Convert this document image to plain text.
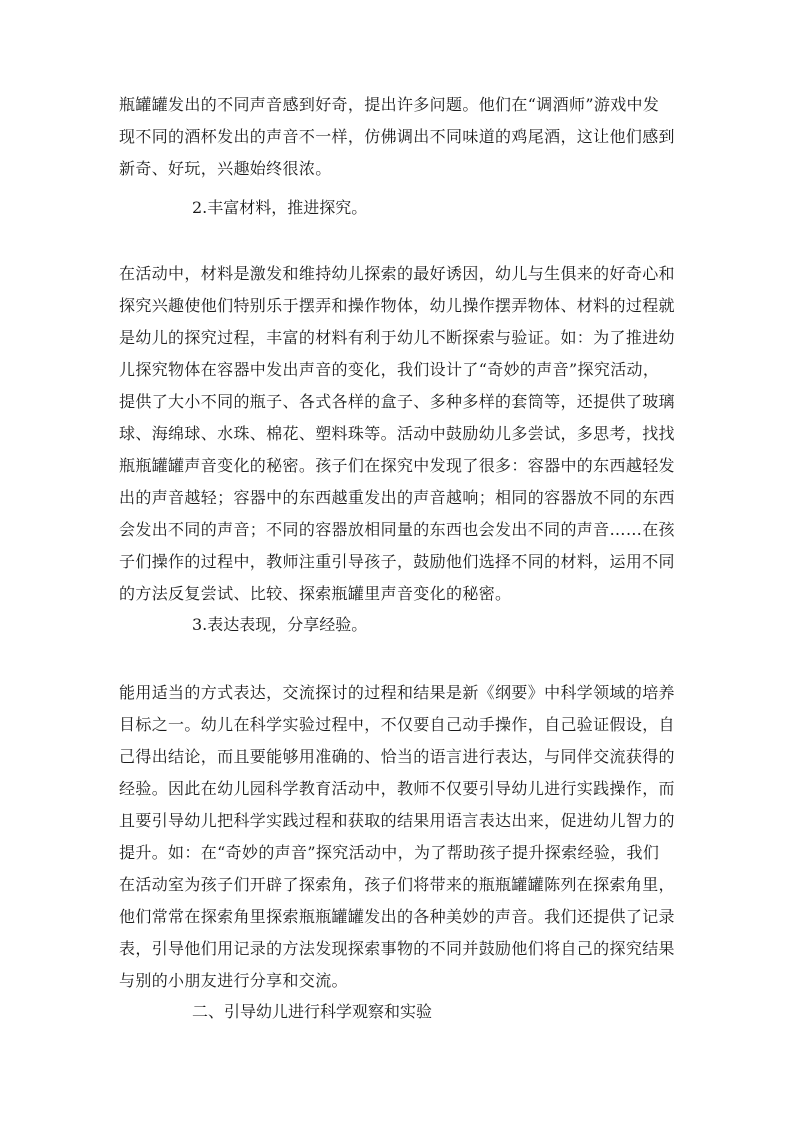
瓶罐罐发出的不同声音感到好奇，提出许多问题。他们在“调酒师”游戏中发
现不同的酒杯发出的声音不一样，仿佛调出不同味道的鸡尾酒，这让他们感到
新奇、好玩，兴趣始终很浓。

2.丰富材料，推进探究。

在活动中，材料是激发和维持幼儿探索的最好诱因，幼儿与生俱来的好奇心和
探究兴趣使他们特别乐于摆弄和操作物体，幼儿操作摆弄物体、材料的过程就
是幼儿的探究过程，丰富的材料有利于幼儿不断探索与验证。如：为了推进幼
儿探究物体在容器中发出声音的变化，我们设计了“奇妙的声音”探究活动，
提供了大小不同的瓶子、各式各样的盒子、多种多样的套筒等，还提供了玻璃
球、海绵球、水珠、棉花、塑料珠等。活动中鼓励幼儿多尝试，多思考，找找
瓶瓶罐罐声音变化的秘密。孩子们在探究中发现了很多：容器中的东西越轻发
出的声音越轻；容器中的东西越重发出的声音越响；相同的容器放不同的东西
会发出不同的声音；不同的容器放相同量的东西也会发出不同的声音……在孩
子们操作的过程中，教师注重引导孩子，鼓励他们选择不同的材料，运用不同
的方法反复尝试、比较、探索瓶罐里声音变化的秘密。

3.表达表现，分享经验。

能用适当的方式表达，交流探讨的过程和结果是新《纲要》中科学领域的培养
目标之一。幼儿在科学实验过程中，不仅要自己动手操作，自己验证假设，自
己得出结论，而且要能够用准确的、恰当的语言进行表达，与同伴交流获得的
经验。因此在幼儿园科学教育活动中，教师不仅要引导幼儿进行实践操作，而
且要引导幼儿把科学实践过程和获取的结果用语言表达出来，促进幼儿智力的
提升。如：在“奇妙的声音”探究活动中，为了帮助孩子提升探索经验，我们
在活动室为孩子们开辟了探索角，孩子们将带来的瓶瓶罐罐陈列在探索角里，
他们常常在探索角里探索瓶瓶罐罐发出的各种美妙的声音。我们还提供了记录
表，引导他们用记录的方法发现探索事物的不同并鼓励他们将自己的探究结果
与别的小朋友进行分享和交流。

二、引导幼儿进行科学观察和实验
